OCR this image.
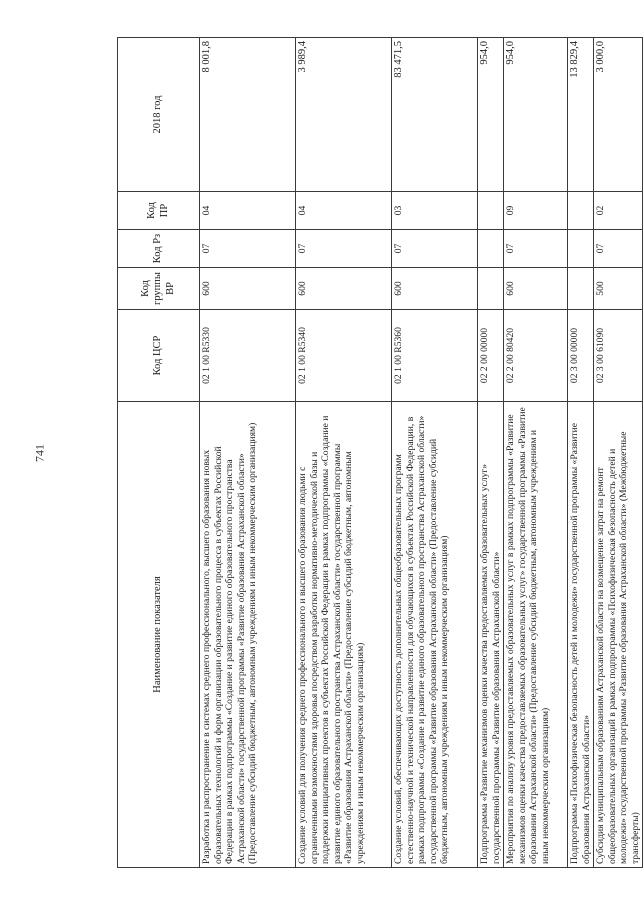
741
Наименование показателя	Код ЦСР	Код группы ВР	Код Рз	Код ПР	2018 год
Разработка и распространение в системах среднего профессионального, высшего образования новых образовательных технологий и форм организации образовательного процесса в субъектах Российской Федерации в рамках подпрограммы «Создание и развитие единого образовательного пространства Астраханской области» государственной программы «Развитие образования Астраханской области» (Предоставление субсидий бюджетным, автономным учреждениям и иным некоммерческим организациям)	02 1 00 R5330	600	07	04	8 001,8
Создание условий для получения среднего профессионального и высшего образования людьми с ограниченными возможностями здоровья посредством разработки нормативно-методической базы и поддержки инициативных проектов в субъектах Российской Федерации в рамках подпрограммы «Создание и развитие единого образовательного пространства Астраханской области» государственной программы «Развитие образования Астраханской области» (Предоставление субсидий бюджетным, автономным учреждениям и иным некоммерческим организациям)	02 1 00 R5340	600	07	04	3 989,4
Создание условий, обеспечивающих доступность дополнительных общеобразовательных программ естественно-научной и технической направленности для обучающихся в субъектах Российской Федерации, в рамках подпрограммы «Создание и развитие единого образовательного пространства Астраханской области» государственной программы «Развитие образования Астраханской области» (Предоставление субсидий бюджетным, автономным учреждениям и иным некоммерческим организациям)	02 1 00 R5360	600	07	03	83 471,5
Подпрограмма «Развитие механизмов оценки качества предоставляемых образовательных услуг» государственной программы «Развитие образования Астраханской области»	02 2 00 00000				954,0
Мероприятия по анализу уровня предоставляемых образовательных услуг в рамках подпрограммы «Развитие механизмов оценки качества предоставляемых образовательных услуг» государственной программы «Развитие образования Астраханской области» (Предоставление субсидий бюджетным, автономным учреждениям и иным некоммерческим организациям)	02 2 00 80420	600	07	09	954,0
Подпрограмма «Психофизическая безопасность детей и молодежи» государственной программы «Развитие образования Астраханской области»	02 3 00 00000				13 829,4
Субсидия муниципальным образованиям Астраханской области на возмещение затрат на ремонт общеобразовательных организаций в рамках подпрограммы «Психофизическая безопасность детей и молодежи» государственной программы «Развитие образования Астраханской области» (Межбюджетные трансферты)	02 3 00 61090	500	07	02	3 000,0
